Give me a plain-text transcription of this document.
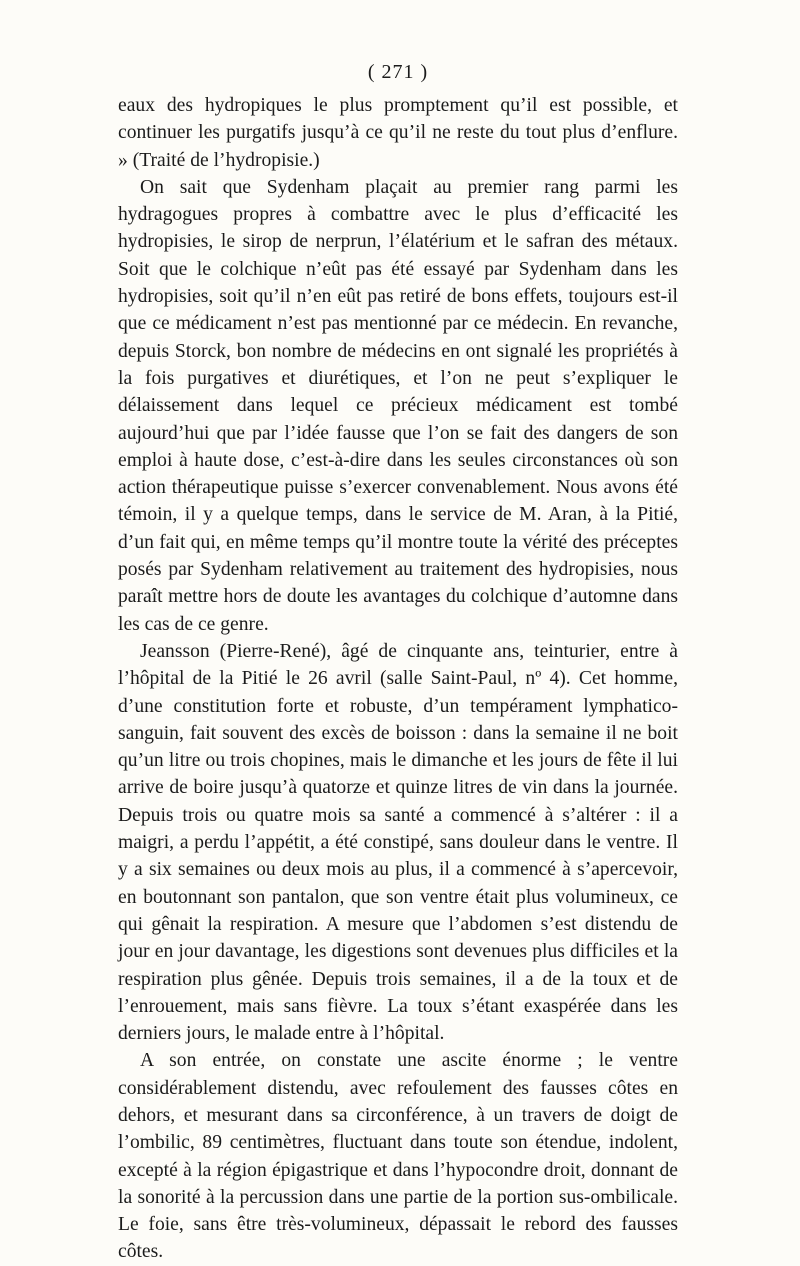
( 271 )

eaux des hydropiques le plus promptement qu’il est possible, et continuer les purgatifs jusqu’à ce qu’il ne reste du tout plus d’enflure. » (Traité de l’hydropisie.)

On sait que Sydenham plaçait au premier rang parmi les hydragogues propres à combattre avec le plus d’efficacité les hydropisies, le sirop de nerprun, l’élatérium et le safran des métaux. Soit que le colchique n’eût pas été essayé par Sydenham dans les hydropisies, soit qu’il n’en eût pas retiré de bons effets, toujours est-il que ce médicament n’est pas mentionné par ce médecin. En revanche, depuis Storck, bon nombre de médecins en ont signalé les propriétés à la fois purgatives et diurétiques, et l’on ne peut s’expliquer le délaissement dans lequel ce précieux médicament est tombé aujourd’hui que par l’idée fausse que l’on se fait des dangers de son emploi à haute dose, c’est-à-dire dans les seules circonstances où son action thérapeutique puisse s’exercer convenablement. Nous avons été témoin, il y a quelque temps, dans le service de M. Aran, à la Pitié, d’un fait qui, en même temps qu’il montre toute la vérité des préceptes posés par Sydenham relativement au traitement des hydropisies, nous paraît mettre hors de doute les avantages du colchique d’automne dans les cas de ce genre.

Jeansson (Pierre-René), âgé de cinquante ans, teinturier, entre à l’hôpital de la Pitié le 26 avril (salle Saint-Paul, nº 4). Cet homme, d’une constitution forte et robuste, d’un tempérament lymphatico-sanguin, fait souvent des excès de boisson : dans la semaine il ne boit qu’un litre ou trois chopines, mais le dimanche et les jours de fête il lui arrive de boire jusqu’à quatorze et quinze litres de vin dans la journée. Depuis trois ou quatre mois sa santé a commencé à s’altérer : il a maigri, a perdu l’appétit, a été constipé, sans douleur dans le ventre. Il y a six semaines ou deux mois au plus, il a commencé à s’apercevoir, en boutonnant son pantalon, que son ventre était plus volumineux, ce qui gênait la respiration. A mesure que l’abdomen s’est distendu de jour en jour davantage, les digestions sont devenues plus difficiles et la respiration plus gênée. Depuis trois semaines, il a de la toux et de l’enrouement, mais sans fièvre. La toux s’étant exaspérée dans les derniers jours, le malade entre à l’hôpital.

A son entrée, on constate une ascite énorme ; le ventre considérablement distendu, avec refoulement des fausses côtes en dehors, et mesurant dans sa circonférence, à un travers de doigt de l’ombilic, 89 centimètres, fluctuant dans toute son étendue, indolent, excepté à la région épigastrique et dans l’hypocondre droit, donnant de la sonorité à la percussion dans une partie de la portion sus-ombilicale. Le foie, sans être très-volumineux, dépassait le rebord des fausses côtes.
